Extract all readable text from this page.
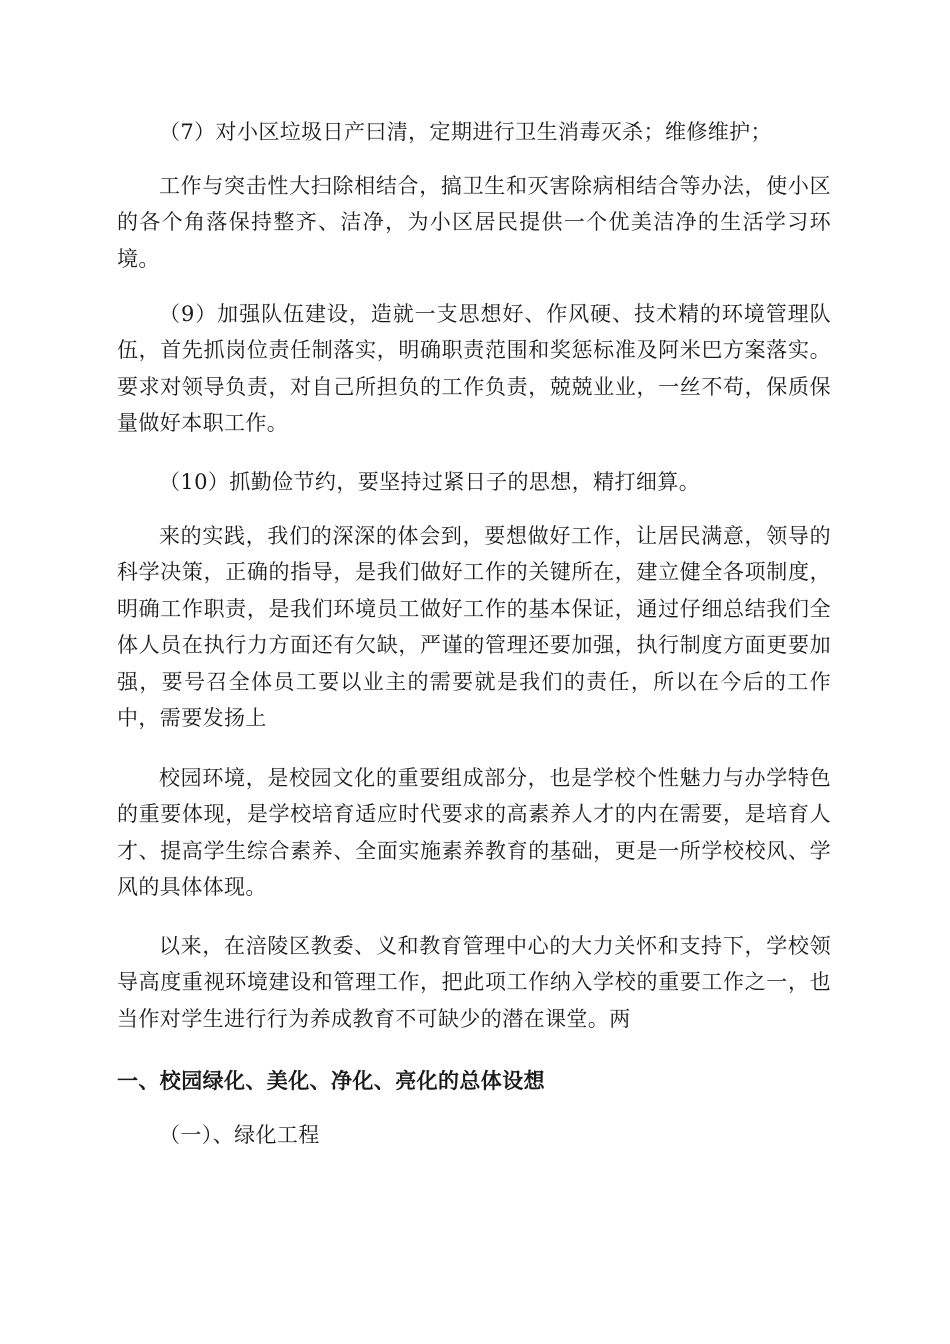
（7）对小区垃圾日产曰清，定期进行卫生消毒灭杀；维修维护；

工作与突击性大扫除相结合，搞卫生和灭害除病相结合等办法，使小区的各个角落保持整齐、洁净，为小区居民提供一个优美洁净的生活学习环境。

（9）加强队伍建设，造就一支思想好、作风硬、技术精的环境管理队伍，首先抓岗位责任制落实，明确职责范围和奖惩标准及阿米巴方案落实。要求对领导负责，对自己所担负的工作负责，兢兢业业，一丝不苟，保质保量做好本职工作。

（10）抓勤俭节约，要坚持过紧日子的思想，精打细算。

来的实践，我们的深深的体会到，要想做好工作，让居民满意，领导的科学决策，正确的指导，是我们做好工作的关键所在，建立健全各项制度，明确工作职责，是我们环境员工做好工作的基本保证，通过仔细总结我们全体人员在执行力方面还有欠缺，严谨的管理还要加强，执行制度方面更要加强，要号召全体员工要以业主的需要就是我们的责任，所以在今后的工作中，需要发扬上

校园环境，是校园文化的重要组成部分，也是学校个性魅力与办学特色的重要体现，是学校培育适应时代要求的高素养人才的内在需要，是培育人才、提高学生综合素养、全面实施素养教育的基础，更是一所学校校风、学风的具体体现。

以来，在涪陵区教委、义和教育管理中心的大力关怀和支持下，学校领导高度重视环境建设和管理工作，把此项工作纳入学校的重要工作之一，也当作对学生进行行为养成教育不可缺少的潜在课堂。两

一、校园绿化、美化、净化、亮化的总体设想

（一）、绿化工程
